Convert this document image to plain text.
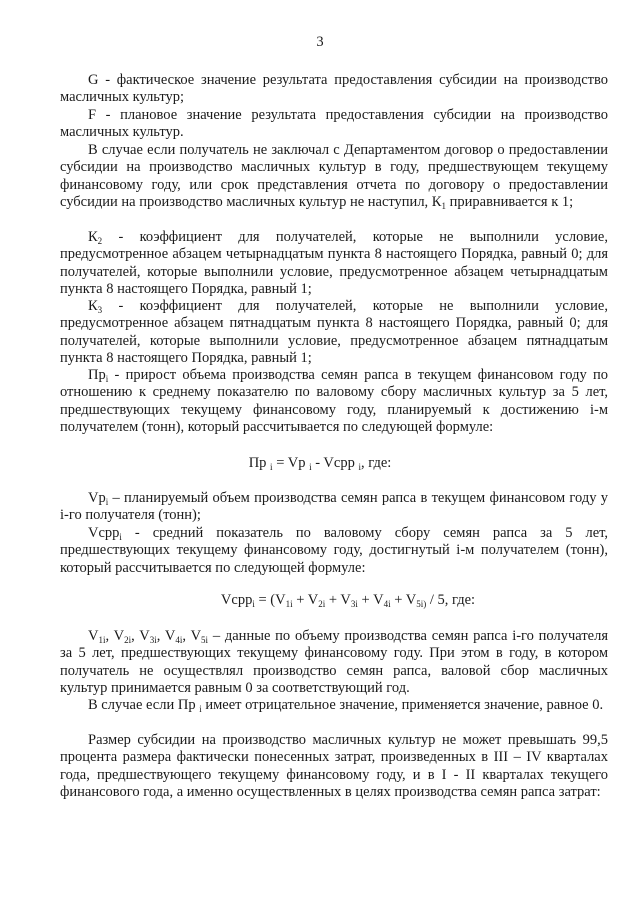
3

G - фактическое значение результата предоставления субсидии на производство масличных культур;

F - плановое значение результата предоставления субсидии на производство масличных культур.

В случае если получатель не заключал с Департаментом договор о предоставлении субсидии на производство масличных культур в году, предшествующем текущему финансовому году, или срок представления отчета по договору о предоставлении субсидии на производство масличных культур не наступил, $К_1$ приравнивается к 1;

$К_2$ - коэффициент для получателей, которые не выполнили условие, предусмотренное абзацем четырнадцатым пункта 8 настоящего Порядка, равный 0; для получателей, которые выполнили условие, предусмотренное абзацем четырнадцатым пункта 8 настоящего Порядка, равный 1;

$К_3$ - коэффициент для получателей, которые не выполнили условие, предусмотренное абзацем пятнадцатым пункта 8 настоящего Порядка, равный 0; для получателей, которые выполнили условие, предусмотренное абзацем пятнадцатым пункта 8 настоящего Порядка, равный 1;

$Пр_i$ - прирост объема производства семян рапса в текущем финансовом году по отношению к среднему показателю по валовому сбору масличных культур за 5 лет, предшествующих текущему финансовому году, планируемый к достижению i-м получателем (тонн), который рассчитывается по следующей формуле:

Пр $_i$ = Vр $_i$ - Vсрр $_i$, где:

$Vр_i$ – планируемый объем производства семян рапса в текущем финансовом году у i-го получателя (тонн);

Vсрр$_i$ - средний показатель по валовому сбору семян рапса за 5 лет, предшествующих текущему финансовому году, достигнутый i-м получателем (тонн), который рассчитывается по следующей формуле:

Vсрр$_i$ = ($V_{1i} + V_{2i} + V_{3i} + V_{4i} + V_{5i)} / 5$, где:

$V_{1i}$, $V_{2i}$, $V_{3i}$, $V_{4i}$, $V_{5i}$ – данные по объему производства семян рапса i-го получателя за 5 лет, предшествующих текущему финансовому году. При этом в году, в котором получатель не осуществлял производство семян рапса, валовой сбор масличных культур принимается равным 0 за соответствующий год.

В случае если Пр $_i$ имеет отрицательное значение, применяется значение, равное 0.

Размер субсидии на производство масличных культур не может превышать 99,5 процента размера фактически понесенных затрат, произведенных в III – IV кварталах года, предшествующего текущему финансовому году, и в I - II кварталах текущего финансового года, а именно осуществленных в целях производства семян рапса затрат:
